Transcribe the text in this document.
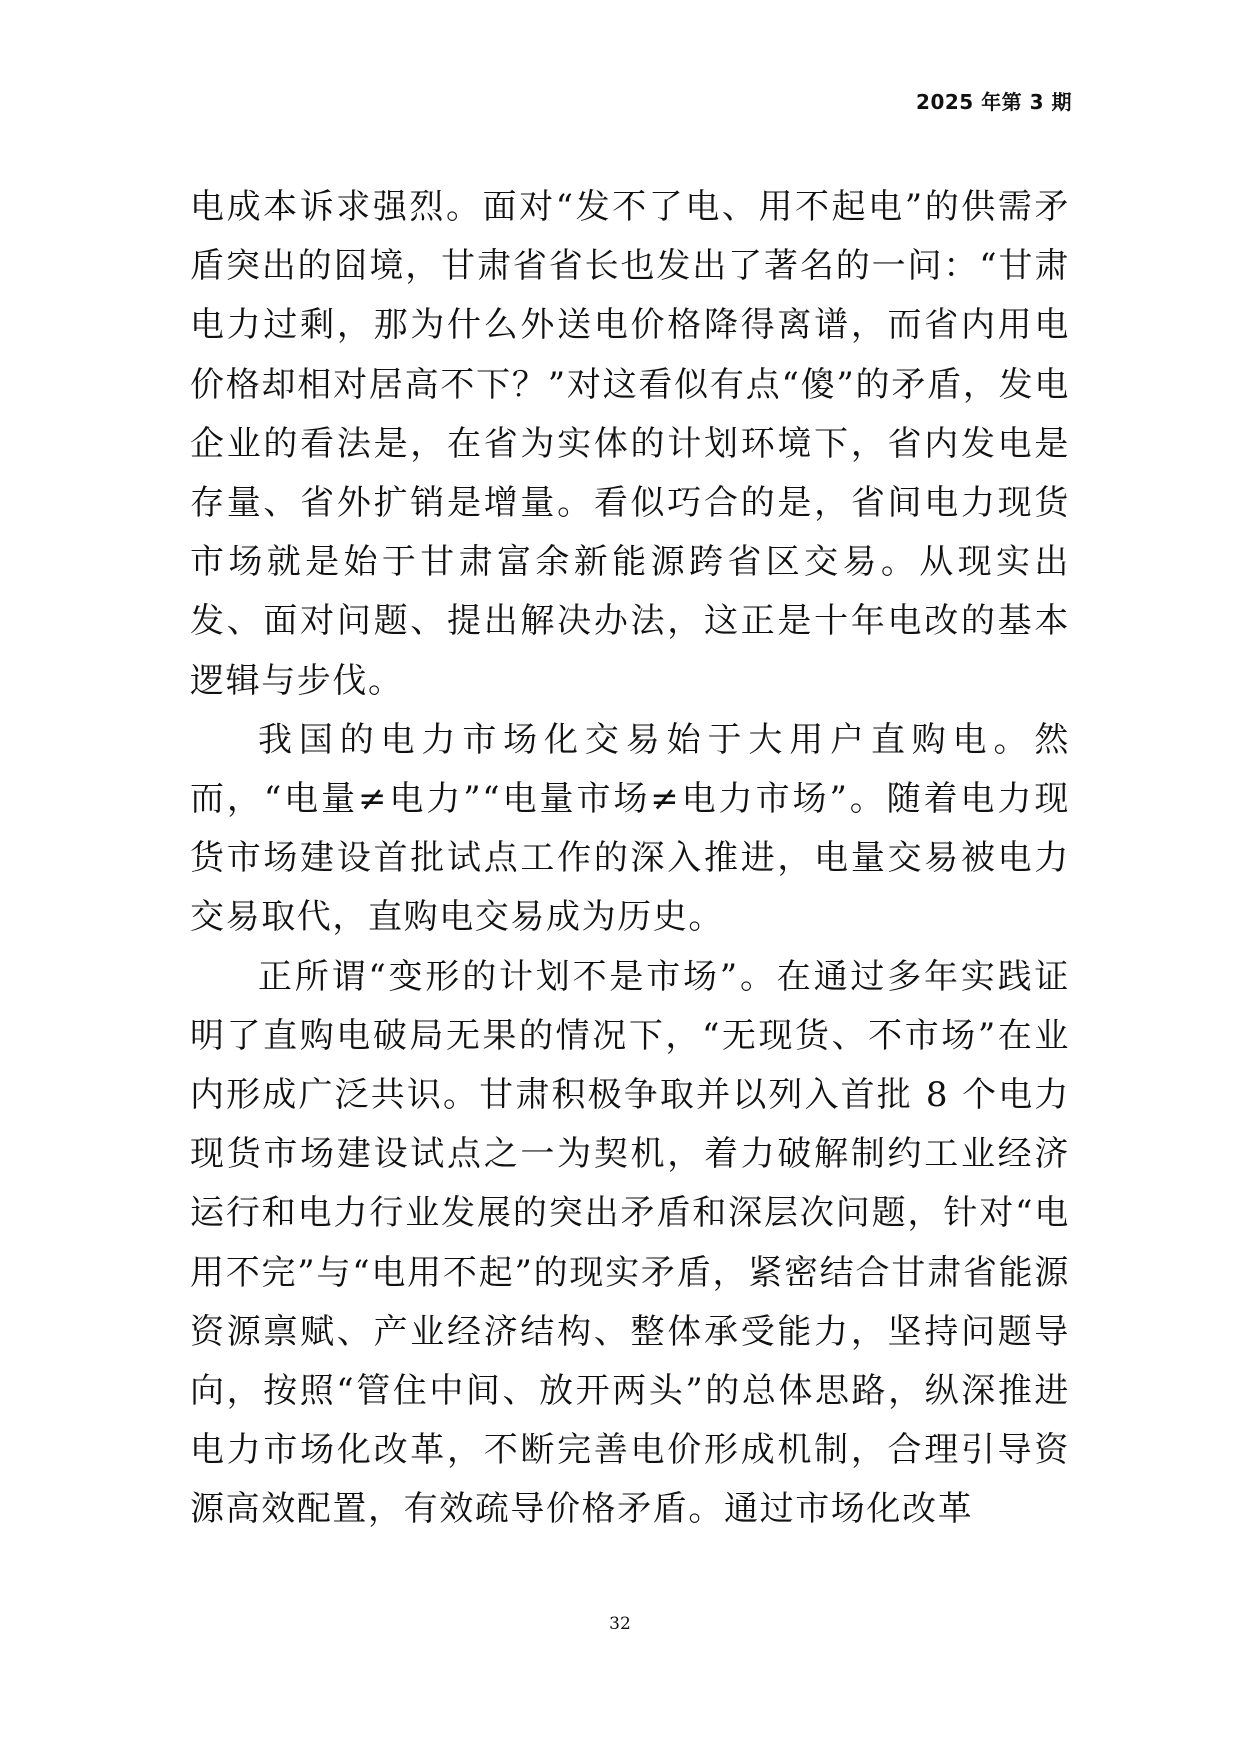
2025 年第 3 期

电成本诉求强烈。面对“发不了电、用不起电”的供需矛盾突出的囧境，甘肃省省长也发出了著名的一问：“甘肃电力过剩，那为什么外送电价格降得离谱，而省内用电价格却相对居高不下？”对这看似有点“傻”的矛盾，发电企业的看法是，在省为实体的计划环境下，省内发电是存量、省外扩销是增量。看似巧合的是，省间电力现货市场就是始于甘肃富余新能源跨省区交易。从现实出发、面对问题、提出解决办法，这正是十年电改的基本逻辑与步伐。

我国的电力市场化交易始于大用户直购电。然而，“电量≠电力”“电量市场≠电力市场”。随着电力现货市场建设首批试点工作的深入推进，电量交易被电力交易取代，直购电交易成为历史。

正所谓“变形的计划不是市场”。在通过多年实践证明了直购电破局无果的情况下，“无现货、不市场”在业内形成广泛共识。甘肃积极争取并以列入首批 8 个电力现货市场建设试点之一为契机，着力破解制约工业经济运行和电力行业发展的突出矛盾和深层次问题，针对“电用不完”与“电用不起”的现实矛盾，紧密结合甘肃省能源资源禀赋、产业经济结构、整体承受能力，坚持问题导向，按照“管住中间、放开两头”的总体思路，纵深推进电力市场化改革，不断完善电价形成机制，合理引导资源高效配置，有效疏导价格矛盾。通过市场化改革

32
